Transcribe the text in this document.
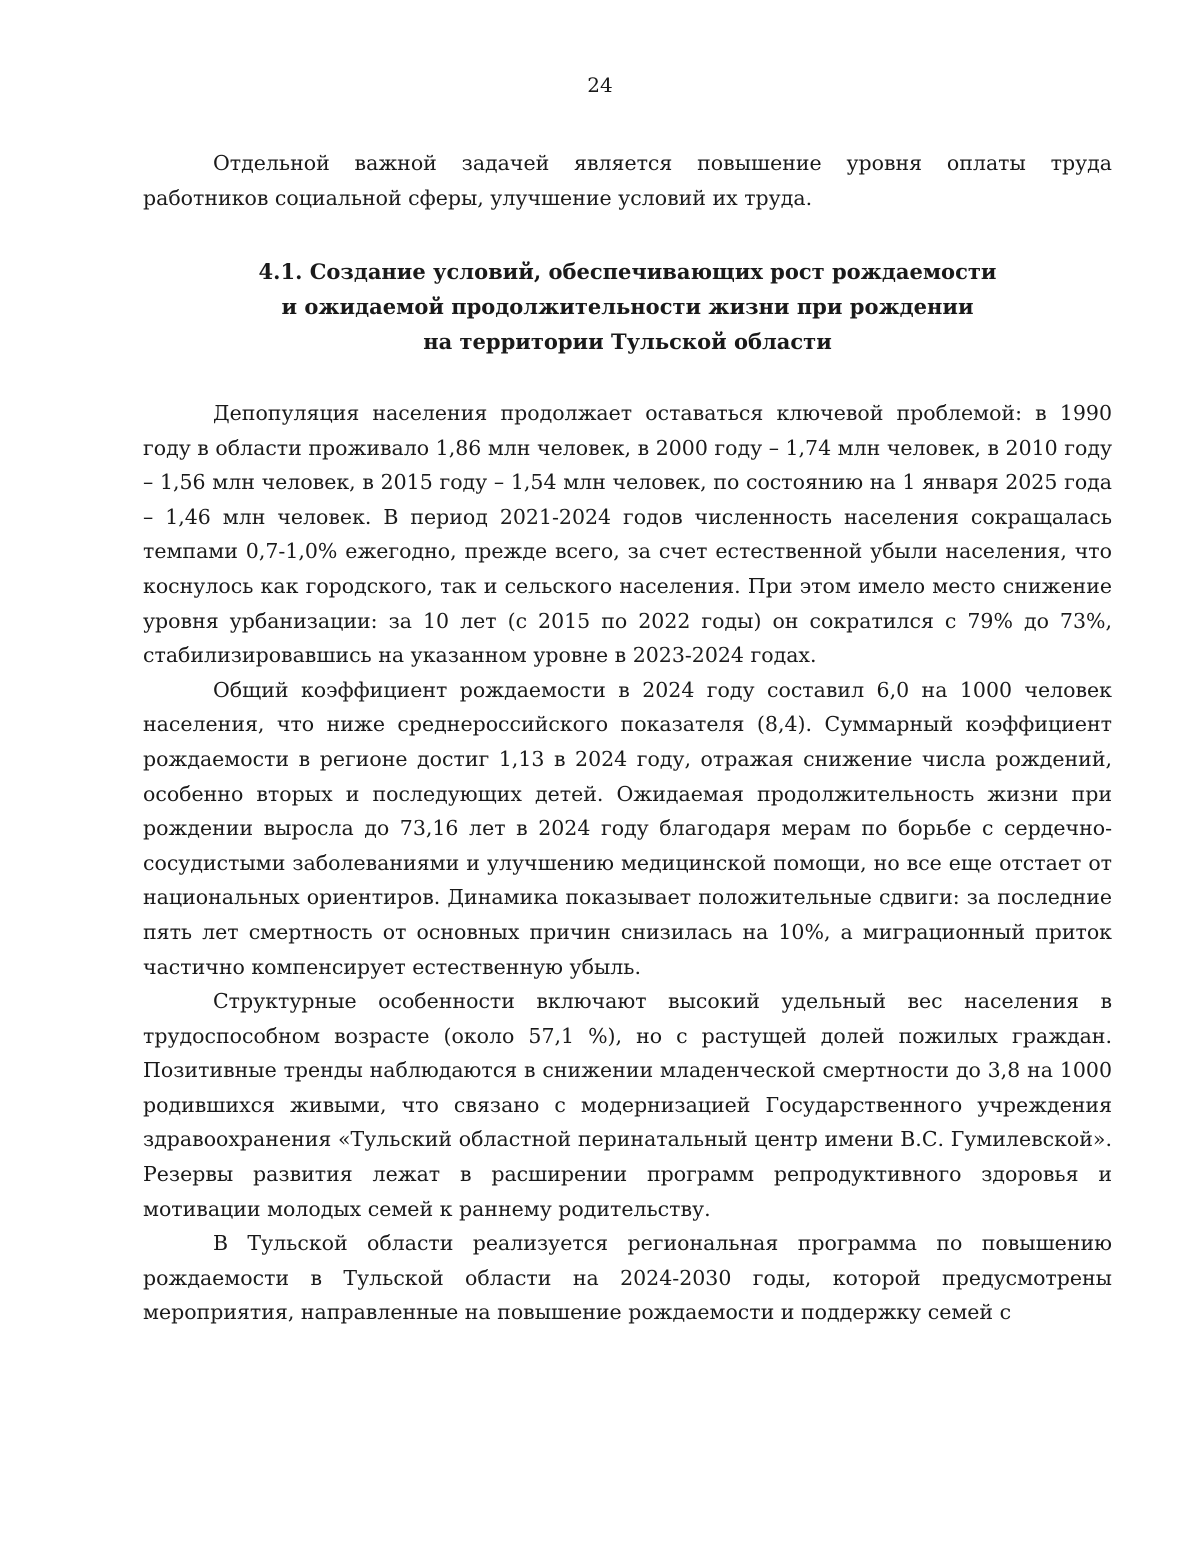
24

Отдельной важной задачей является повышение уровня оплаты труда работников социальной сферы, улучшение условий их труда.

4.1. Создание условий, обеспечивающих рост рождаемости
и ожидаемой продолжительности жизни при рождении
на территории Тульской области

Депопуляция населения продолжает оставаться ключевой проблемой: в 1990 году в области проживало 1,86 млн человек, в 2000 году – 1,74 млн человек, в 2010 году – 1,56 млн человек, в 2015 году – 1,54 млн человек, по состоянию на 1 января 2025 года – 1,46 млн человек. В период 2021-2024 годов численность населения сокращалась темпами 0,7-1,0% ежегодно, прежде всего, за счет естественной убыли населения, что коснулось как городского, так и сельского населения. При этом имело место снижение уровня урбанизации: за 10 лет (с 2015 по 2022 годы) он сократился с 79% до 73%, стабилизировавшись на указанном уровне в 2023-2024 годах.

Общий коэффициент рождаемости в 2024 году составил 6,0 на 1000 человек населения, что ниже среднероссийского показателя (8,4). Суммарный коэффициент рождаемости в регионе достиг 1,13 в 2024 году, отражая снижение числа рождений, особенно вторых и последующих детей. Ожидаемая продолжительность жизни при рождении выросла до 73,16 лет в 2024 году благодаря мерам по борьбе с сердечно-сосудистыми заболеваниями и улучшению медицинской помощи, но все еще отстает от национальных ориентиров. Динамика показывает положительные сдвиги: за последние пять лет смертность от основных причин снизилась на 10%, а миграционный приток частично компенсирует естественную убыль.

Структурные особенности включают высокий удельный вес населения в трудоспособном возрасте (около 57,1 %), но с растущей долей пожилых граждан. Позитивные тренды наблюдаются в снижении младенческой смертности до 3,8 на 1000 родившихся живыми, что связано с модернизацией Государственного учреждения здравоохранения «Тульский областной перинатальный центр имени В.С. Гумилевской». Резервы развития лежат в расширении программ репродуктивного здоровья и мотивации молодых семей к раннему родительству.

В Тульской области реализуется региональная программа по повышению рождаемости в Тульской области на 2024-2030 годы, которой предусмотрены мероприятия, направленные на повышение рождаемости и поддержку семей с
